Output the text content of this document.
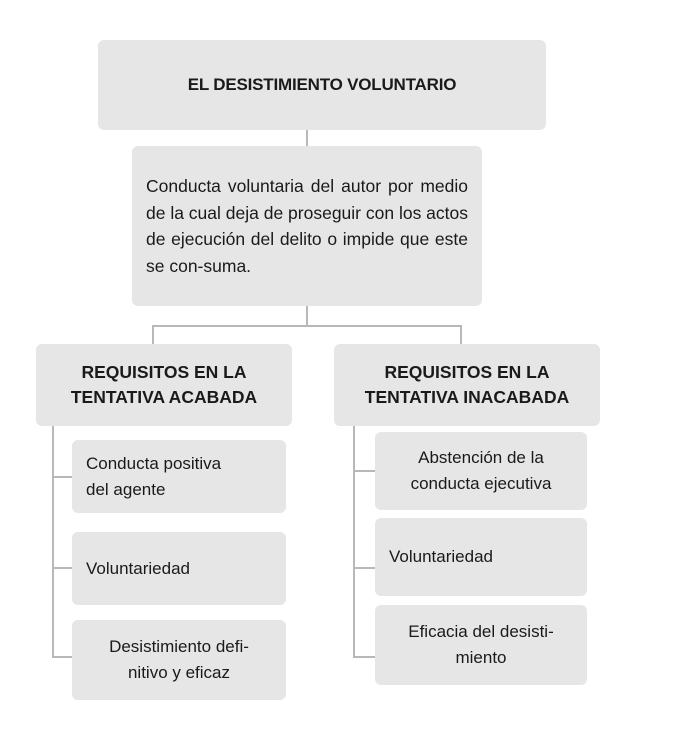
EL DESISTIMIENTO VOLUNTARIO
Conducta voluntaria del autor por medio de la cual deja de proseguir con los actos de ejecución del delito o impide que este se con-suma.
REQUISITOS EN LA
TENTATIVA ACABADA
REQUISITOS EN LA
TENTATIVA INACABADA
Conducta positiva
del agente
Voluntariedad
Desistimiento defi-
nitivo y eficaz
Abstención de la
conducta ejecutiva
Voluntariedad
Eficacia del desisti-
miento
